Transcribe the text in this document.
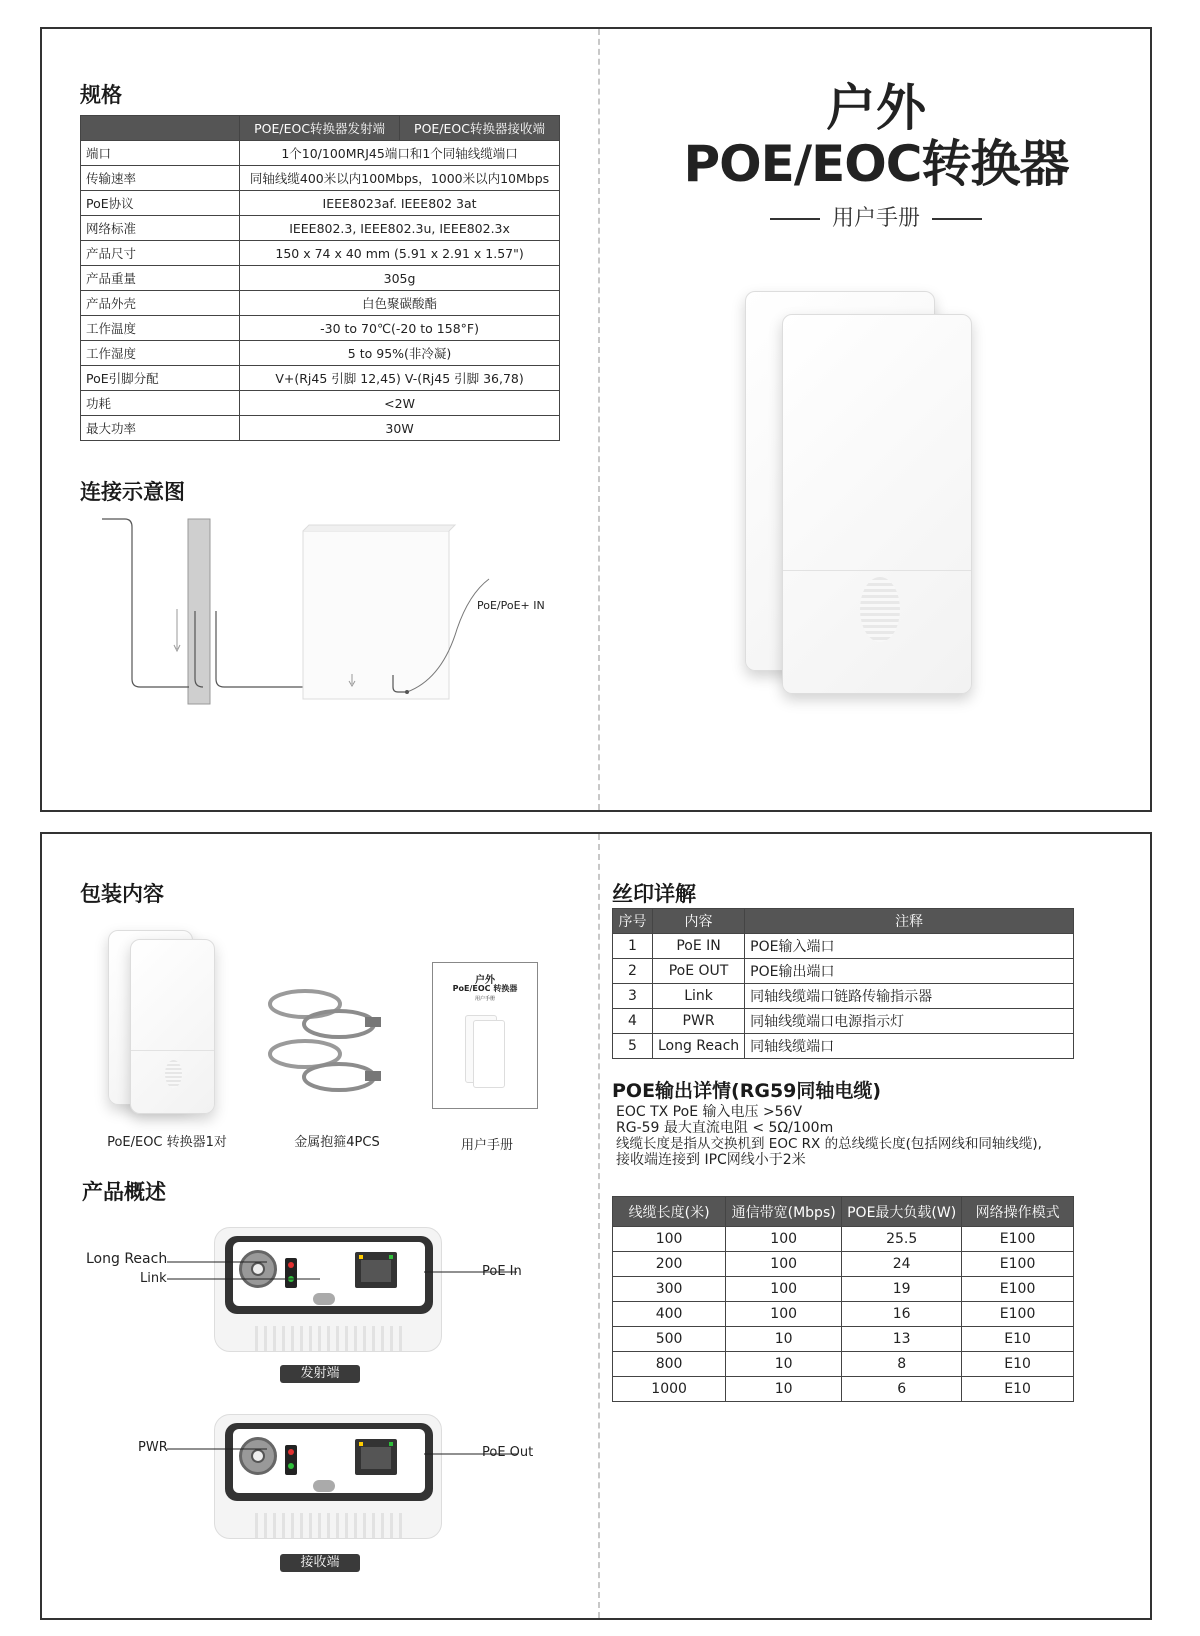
规格
	POE/EOC转换器发射端	POE/EOC转换器接收端
端口	1个10/100MRJ45端口和1个同轴线缆端口	
传输速率	同轴线缆400米以内100Mbps，1000米以内10Mbps	
PoE协议	IEEE8023af. IEEE802 3at	
网络标准	IEEE802.3, IEEE802.3u, IEEE802.3x	
产品尺寸	150 x 74 x 40 mm (5.91 x 2.91 x 1.57")	
产品重量	305g	
产品外壳	白色聚碳酸酯	
工作温度	-30 to 70℃(-20 to 158°F)	
工作湿度	5 to 95%(非冷凝)	
PoE引脚分配	V+(Rj45 引脚 12,45) V-(Rj45 引脚 36,78)	
功耗	<2W	
最大功率	30W	
连接示意图
PoE/PoE+ IN
户外
POE/EOC转换器
用户手册
包装内容
PoE/EOC 转换器1对	金属抱箍4PCS
户外
PoE/EOC 转换器
用户手册
用户手册
产品概述
Long Reach
Link	PoE In
发射端
PWR	PoE Out
接收端
丝印详解
序号	内容	注释
1	PoE IN	POE输入端口
2	PoE OUT	POE输出端口
3	Link	同轴线缆端口链路传输指示器
4	PWR	同轴线缆端口电源指示灯
5	Long Reach	同轴线缆端口
POE输出详情(RG59同轴电缆)
EOC TX PoE 输入电压 >56V
RG-59 最大直流电阻 < 5Ω/100m
线缆长度是指从交换机到 EOC RX 的总线缆长度(包括网线和同轴线缆),
接收端连接到 IPC网线小于2米
线缆长度(米)	通信带宽(Mbps)	POE最大负载(W)	网络操作模式
100	100	25.5	E100
200	100	24	E100
300	100	19	E100
400	100	16	E100
500	10	13	E10
800	10	8	E10
1000	10	6	E10
